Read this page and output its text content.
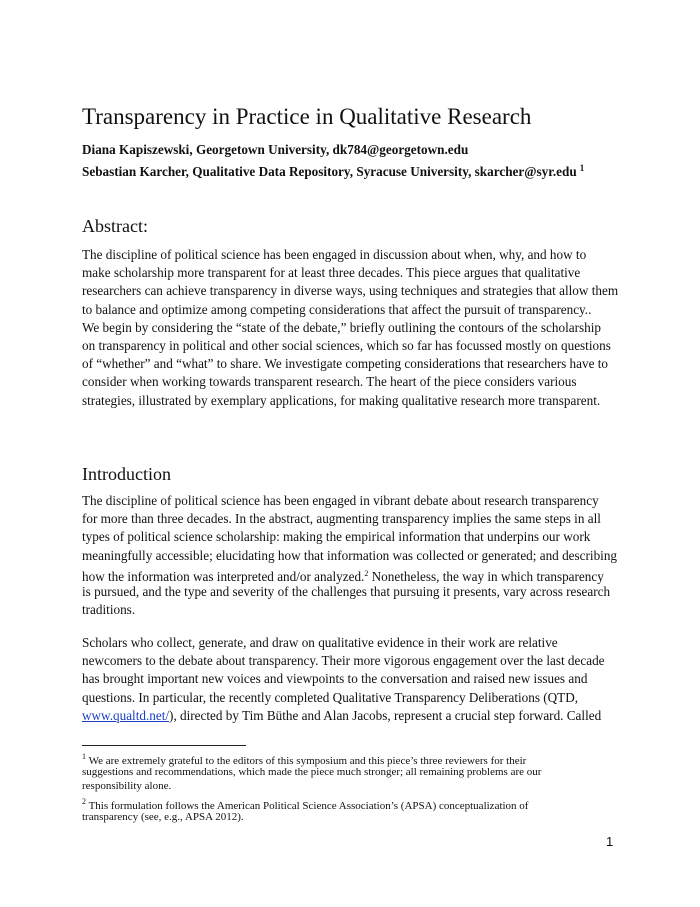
Transparency in Practice in Qualitative Research
Diana Kapiszewski, Georgetown University, dk784@georgetown.edu
Sebastian Karcher, Qualitative Data Repository, Syracuse University, skarcher@syr.edu $^1$
Abstract:
The discipline of political science has been engaged in discussion about when, why, and how to
make scholarship more transparent for at least three decades. This piece argues that qualitative
researchers can achieve transparency in diverse ways, using techniques and strategies that allow them
to balance and optimize among competing considerations that affect the pursuit of transparency..
We begin by considering the “state of the debate,” briefly outlining the contours of the scholarship
on transparency in political and other social sciences, which so far has focussed mostly on questions
of “whether” and “what” to share. We investigate competing considerations that researchers have to
consider when working towards transparent research. The heart of the piece considers various
strategies, illustrated by exemplary applications, for making qualitative research more transparent.
Introduction
The discipline of political science has been engaged in vibrant debate about research transparency
for more than three decades. In the abstract, augmenting transparency implies the same steps in all
types of political science scholarship: making the empirical information that underpins our work
meaningfully accessible; elucidating how that information was collected or generated; and describing
how the information was interpreted and/or analyzed.$^2$ Nonetheless, the way in which transparency
is pursued, and the type and severity of the challenges that pursuing it presents, vary across research
traditions.
Scholars who collect, generate, and draw on qualitative evidence in their work are relative
newcomers to the debate about transparency. Their more vigorous engagement over the last decade
has brought important new voices and viewpoints to the conversation and raised new issues and
questions. In particular, the recently completed Qualitative Transparency Deliberations (QTD,
www.qualtd.net/), directed by Tim Büthe and Alan Jacobs, represent a crucial step forward. Called
$^1$ We are extremely grateful to the editors of this symposium and this piece’s three reviewers for their
suggestions and recommendations, which made the piece much stronger; all remaining problems are our
responsibility alone.
$^2$ This formulation follows the American Political Science Association’s (APSA) conceptualization of
transparency (see, e.g., APSA 2012).
1
